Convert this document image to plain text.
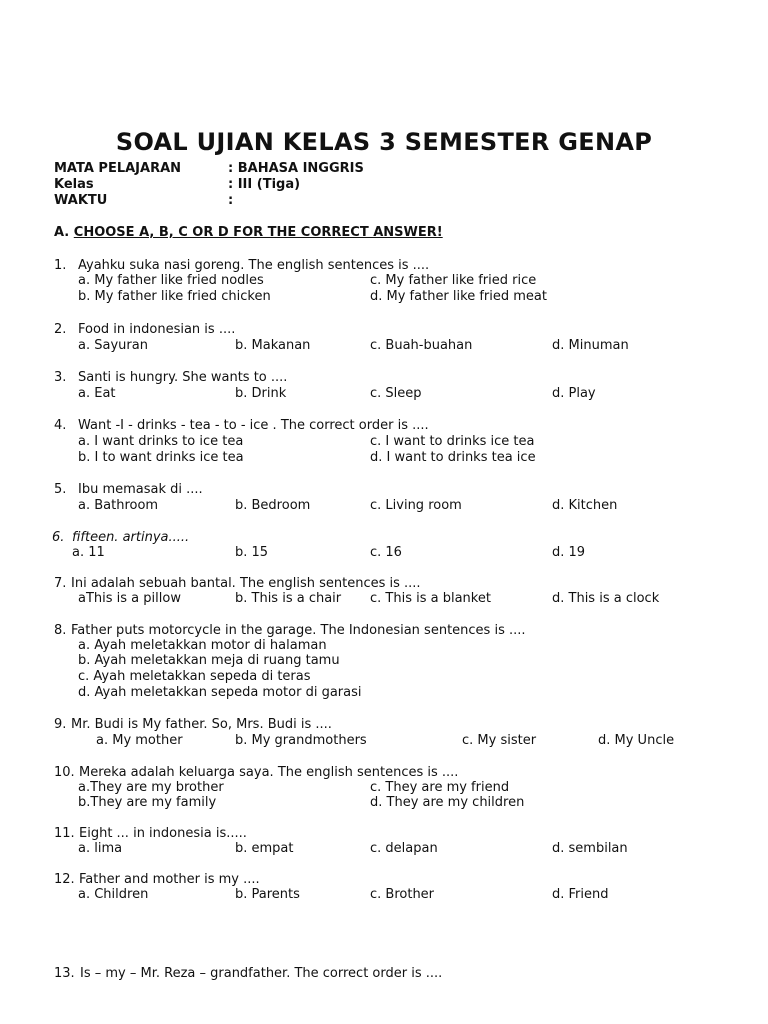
SOAL UJIAN KELAS 3 SEMESTER GENAP
MATA PELAJARAN	: BAHASA INGGRIS
Kelas	: III (Tiga)
WAKTU	:
A. CHOOSE A, B, C OR D FOR THE CORRECT ANSWER!
1. Ayahku suka nasi goreng. The english sentences is ....
a. My father like fried nodles	c. My father like fried rice
b. My father like fried chicken	d. My father like fried meat
2. Food in indonesian is ....
a. Sayuran	b. Makanan	c. Buah-buahan	d. Minuman
3. Santi is hungry. She wants to ....
a. Eat	b. Drink	c. Sleep	d. Play
4. Want -I - drinks - tea - to - ice . The correct order is ....
a. I want drinks to ice tea	c. I want to drinks ice tea
b. I to want drinks ice tea	d. I want to drinks tea ice
5. Ibu memasak di ....
a. Bathroom	b. Bedroom	c. Living room	d. Kitchen
6. fifteen. artinya.....
a. 11	b. 15	c. 16	d. 19
7. Ini adalah sebuah bantal. The english sentences is ....
aThis is a pillow	b. This is a chair c. This is a blanket	d. This is a clock
8. Father puts motorcycle in the garage. The Indonesian sentences is ....
a. Ayah meletakkan motor di halaman
b. Ayah meletakkan meja di ruang tamu
c. Ayah meletakkan sepeda di teras
d. Ayah meletakkan sepeda motor di garasi
9. Mr. Budi is My father. So, Mrs. Budi is ....
a. My mother	b. My grandmothers	c. My sister	d. My Uncle
10. Mereka adalah keluarga saya. The english sentences is ....
a.They are my brother	c. They are my friend
b.They are my family	d. They are my children
11. Eight ... in indonesia is.....
a. lima	b. empat	c. delapan	d. sembilan
12. Father and mother is my ....
a. Children	b. Parents	c. Brother	d. Friend
13. Is – my – Mr. Reza – grandfather. The correct order is ....
